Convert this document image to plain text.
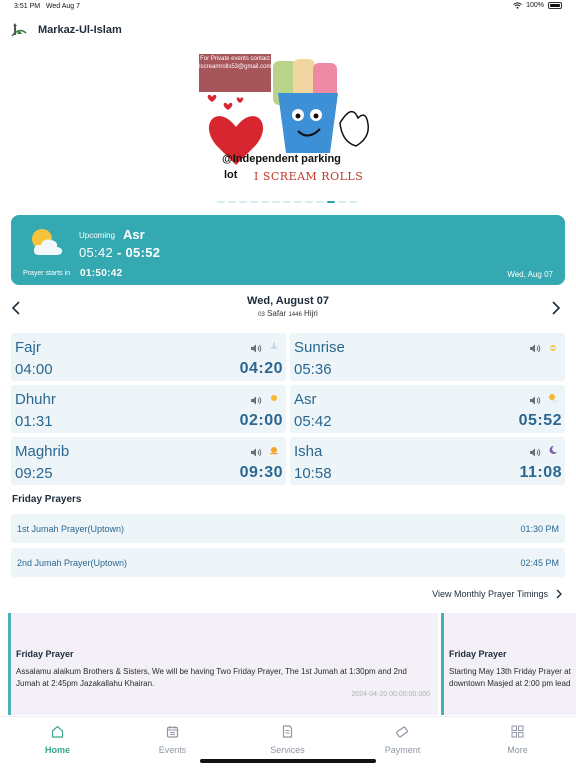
3:51 PM Wed Aug 7	100%
Markaz-Ul-Islam
For Private events contact Iscreamrolls53@gmail.com
@Independent parking
lot I SCREAM ROLLS
Upcoming Asr
05:42 - 05:52
Prayer starts in 01:50:42	Wed, Aug 07
Wed, August 07
03 Safar 1446 Hijri
Fajr
04:00	04:20
Sunrise
05:36
Dhuhr
01:31	02:00
Asr
05:42	05:52
Maghrib
09:25	09:30
Isha
10:58	11:08
Friday Prayers
1st Jumah Prayer(Uptown)	01:30 PM
2nd Jumah Prayer(Uptown)	02:45 PM
View Monthly Prayer Timings
Friday Prayer
Assalamu alaikum Brothers & Sisters, We will be having Two Friday Prayer, The 1st Jumah at 1:30pm and 2nd Jumah at 2:45pm Jazakallahu Khairan.
2024-04-20 00:00:00.000
Friday Prayer
Starting May 13th Friday Prayer at downtown Masjed at 2:00 pm lead
Home	Events	Services	Payment	More
